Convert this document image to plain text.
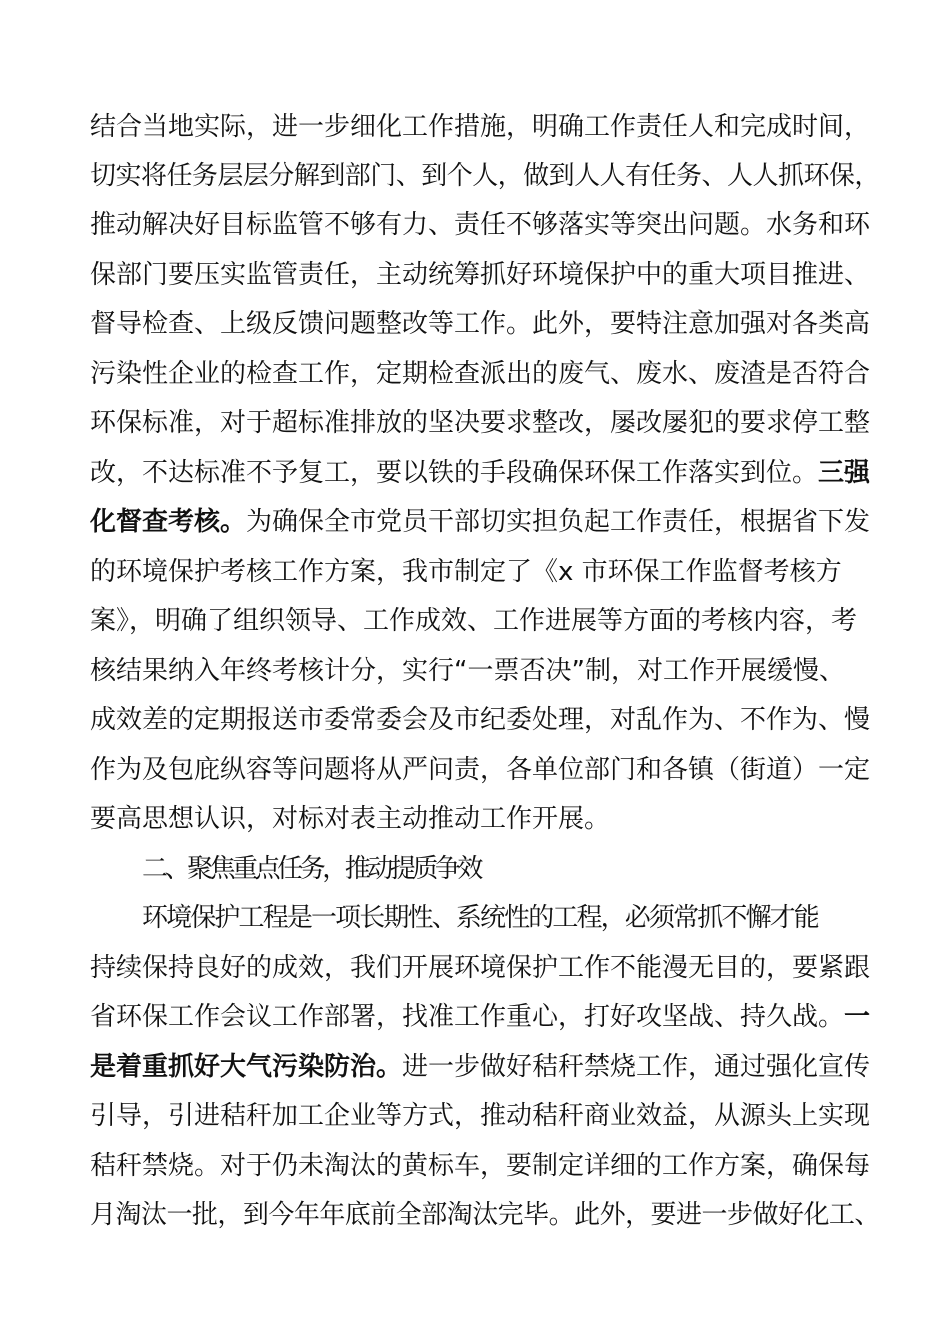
结合当地实际，进一步细化工作措施，明确工作责任人和完成时间，
切实将任务层层分解到部门、到个人，做到人人有任务、人人抓环保，
推动解决好目标监管不够有力、责任不够落实等突出问题。水务和环
保部门要压实监管责任，主动统筹抓好环境保护中的重大项目推进、
督导检查、上级反馈问题整改等工作。此外，要特注意加强对各类高
污染性企业的检查工作，定期检查派出的废气、废水、废渣是否符合
环保标准，对于超标准排放的坚决要求整改，屡改屡犯的要求停工整
改，不达标准不予复工，要以铁的手段确保环保工作落实到位。三强
化督查考核。为确保全市党员干部切实担负起工作责任，根据省下发
的环境保护考核工作方案，我市制定了《x 市环保工作监督考核方
案》，明确了组织领导、工作成效、工作进展等方面的考核内容，考
核结果纳入年终考核计分，实行“一票否决”制，对工作开展缓慢、
成效差的定期报送市委常委会及市纪委处理，对乱作为、不作为、慢
作为及包庇纵容等问题将从严问责，各单位部门和各镇（街道）一定
要高思想认识，对标对表主动推动工作开展。
二、聚焦重点任务，推动提质争效
环境保护工程是一项长期性、系统性的工程，必须常抓不懈才能
持续保持良好的成效，我们开展环境保护工作不能漫无目的，要紧跟
省环保工作会议工作部署，找准工作重心，打好攻坚战、持久战。一
是着重抓好大气污染防治。进一步做好秸秆禁烧工作，通过强化宣传
引导，引进秸秆加工企业等方式，推动秸秆商业效益，从源头上实现
秸秆禁烧。对于仍未淘汰的黄标车，要制定详细的工作方案，确保每
月淘汰一批，到今年年底前全部淘汰完毕。此外，要进一步做好化工、
